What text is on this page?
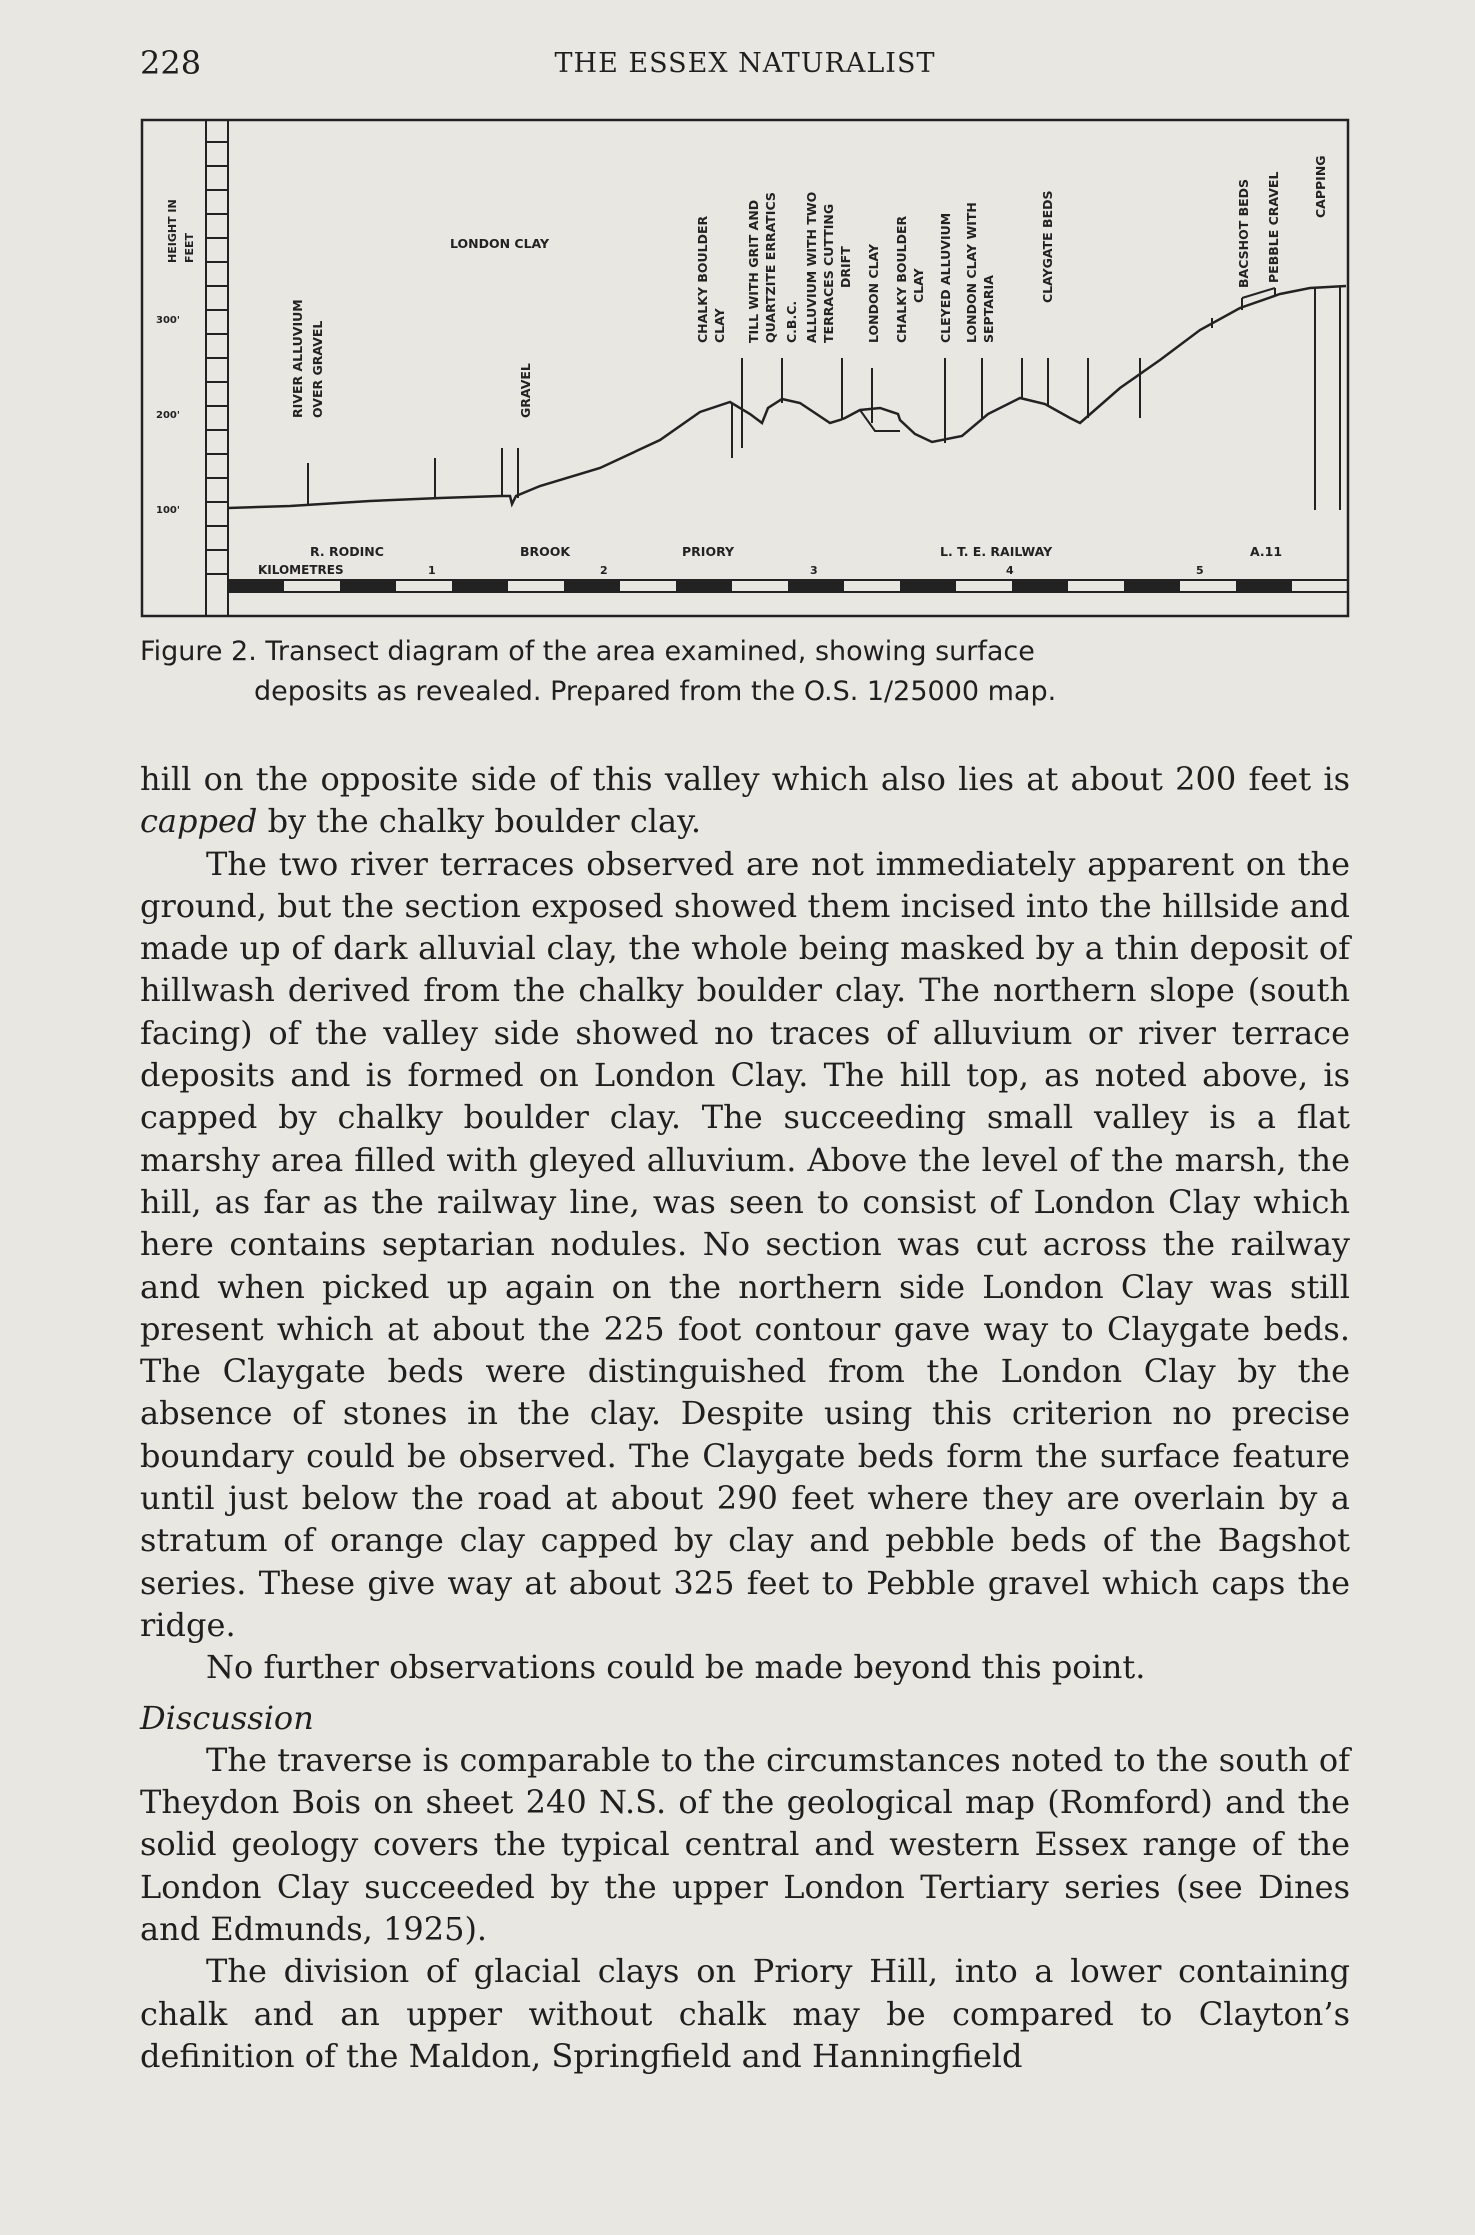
228	THE ESSEX NATURALIST
HEIGHT IN FEET
300'
200'
100'
RIVER ALLUVIUM OVER GRAVEL
LONDON CLAY
GRAVEL
CHALKY BOULDER CLAY TILL WITH GRIT AND QUARTZITE ERRATICS C.B.C. ALLUVIUM WITH TWO TERRACES CUTTING DRIFT LONDON CLAY CHALKY BOULDER CLAY CLEYED ALLUVIUM LONDON CLAY WITH SEPTARIA
CLAYGATE BEDS	BACSHOT BEDS PEBBLE CRAVEL	CAPPING
R. RODINC	BROOK	PRIORY	L. T. E. RAILWAY	A.11
KILOMETRES	1	2	3	4	5
Figure 2. Transect diagram of the area examined, showing surface
deposits as revealed. Prepared from the O.S. 1/25000 map.

hill on the opposite side of this valley which also lies at about 200 feet is capped by the chalky boulder clay.

The two river terraces observed are not immediately apparent on the ground, but the section exposed showed them incised into the hillside and made up of dark alluvial clay, the whole being masked by a thin deposit of hillwash derived from the chalky boulder clay. The northern slope (south facing) of the valley side showed no traces of alluvium or river terrace deposits and is formed on London Clay. The hill top, as noted above, is capped by chalky boulder clay. The succeeding small valley is a flat marshy area filled with gleyed alluvium. Above the level of the marsh, the hill, as far as the railway line, was seen to consist of London Clay which here contains septarian nodules. No section was cut across the railway and when picked up again on the northern side London Clay was still present which at about the 225 foot contour gave way to Claygate beds. The Claygate beds were distinguished from the London Clay by the absence of stones in the clay. Despite using this criterion no precise boundary could be observed. The Claygate beds form the surface feature until just below the road at about 290 feet where they are overlain by a stratum of orange clay capped by clay and pebble beds of the Bagshot series. These give way at about 325 feet to Pebble gravel which caps the ridge.

No further observations could be made beyond this point.

Discussion

The traverse is comparable to the circumstances noted to the south of Theydon Bois on sheet 240 N.S. of the geological map (Romford) and the solid geology covers the typical central and western Essex range of the London Clay succeeded by the upper London Tertiary series (see Dines and Edmunds, 1925).

The division of glacial clays on Priory Hill, into a lower containing chalk and an upper without chalk may be compared to Clayton’s definition of the Maldon, Springfield and Hanningfield
